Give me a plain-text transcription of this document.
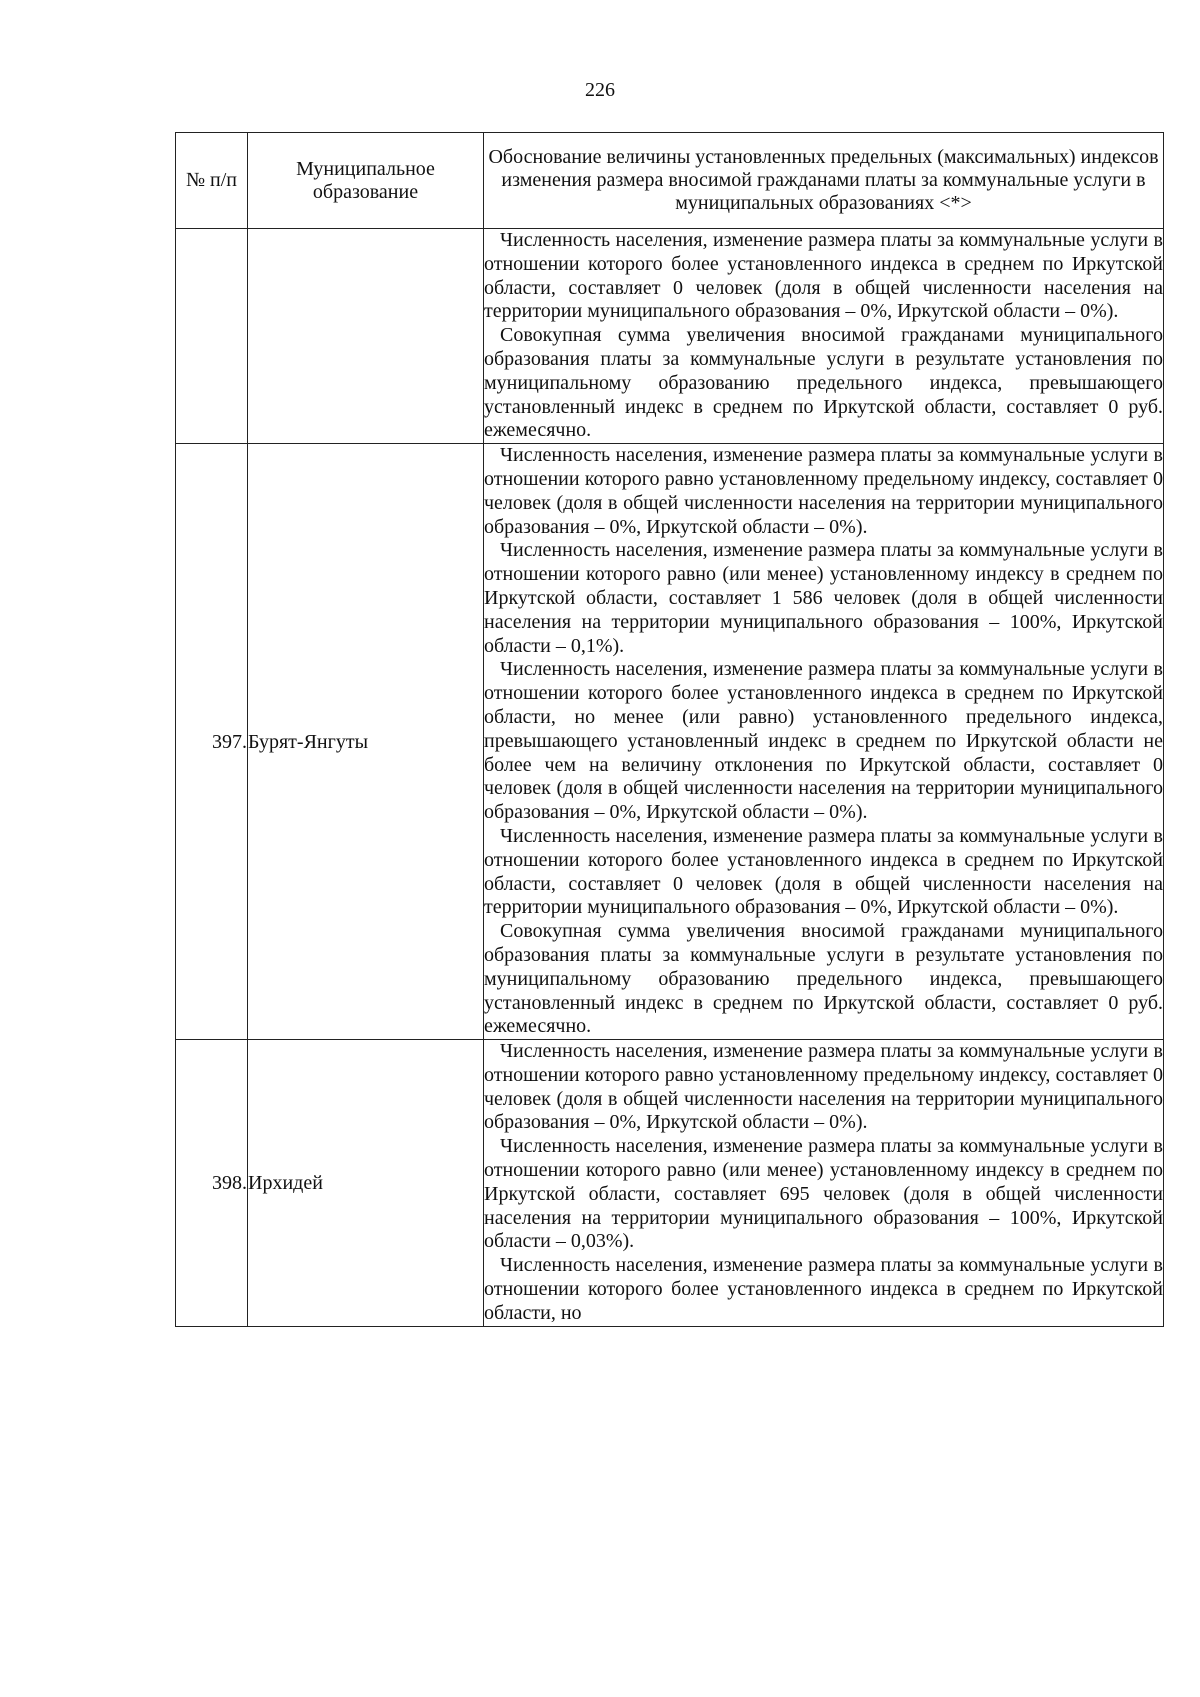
226
№ п/п	Муниципальное образование	Обоснование величины установленных предельных (максимальных) индексов изменения размера вносимой гражданами платы за коммунальные услуги в муниципальных образованиях <*>

		Численность населения, изменение размера платы за коммунальные услуги в отношении которого более установленного индекса в среднем по Иркутской области, составляет 0 человек (доля в общей численности населения на территории муниципального образования – 0%, Иркутской области – 0%).

Совокупная сумма увеличения вносимой гражданами муниципального образования платы за коммунальные услуги в результате установления по муниципальному образованию предельного индекса, превышающего установленный индекс в среднем по Иркутской области, составляет 0 руб. ежемесячно.

397.	Бурят-Янгуты	Численность населения, изменение размера платы за коммунальные услуги в отношении которого равно установленному предельному индексу, составляет 0 человек (доля в общей численности населения на территории муниципального образования – 0%, Иркутской области – 0%).

Численность населения, изменение размера платы за коммунальные услуги в отношении которого равно (или менее) установленному индексу в среднем по Иркутской области, составляет 1 586 человек (доля в общей численности населения на территории муниципального образования – 100%, Иркутской области – 0,1%).

Численность населения, изменение размера платы за коммунальные услуги в отношении которого более установленного индекса в среднем по Иркутской области, но менее (или равно) установленного предельного индекса, превышающего установленный индекс в среднем по Иркутской области не более чем на величину отклонения по Иркутской области, составляет 0 человек (доля в общей численности населения на территории муниципального образования – 0%, Иркутской области – 0%).

Численность населения, изменение размера платы за коммунальные услуги в отношении которого более установленного индекса в среднем по Иркутской области, составляет 0 человек (доля в общей численности населения на территории муниципального образования – 0%, Иркутской области – 0%).

Совокупная сумма увеличения вносимой гражданами муниципального образования платы за коммунальные услуги в результате установления по муниципальному образованию предельного индекса, превышающего установленный индекс в среднем по Иркутской области, составляет 0 руб. ежемесячно.

398.	Ирхидей	Численность населения, изменение размера платы за коммунальные услуги в отношении которого равно установленному предельному индексу, составляет 0 человек (доля в общей численности населения на территории муниципального образования – 0%, Иркутской области – 0%).

Численность населения, изменение размера платы за коммунальные услуги в отношении которого равно (или менее) установленному индексу в среднем по Иркутской области, составляет 695 человек (доля в общей численности населения на территории муниципального образования – 100%, Иркутской области – 0,03%).

Численность населения, изменение размера платы за коммунальные услуги в отношении которого более установленного индекса в среднем по Иркутской области, но
